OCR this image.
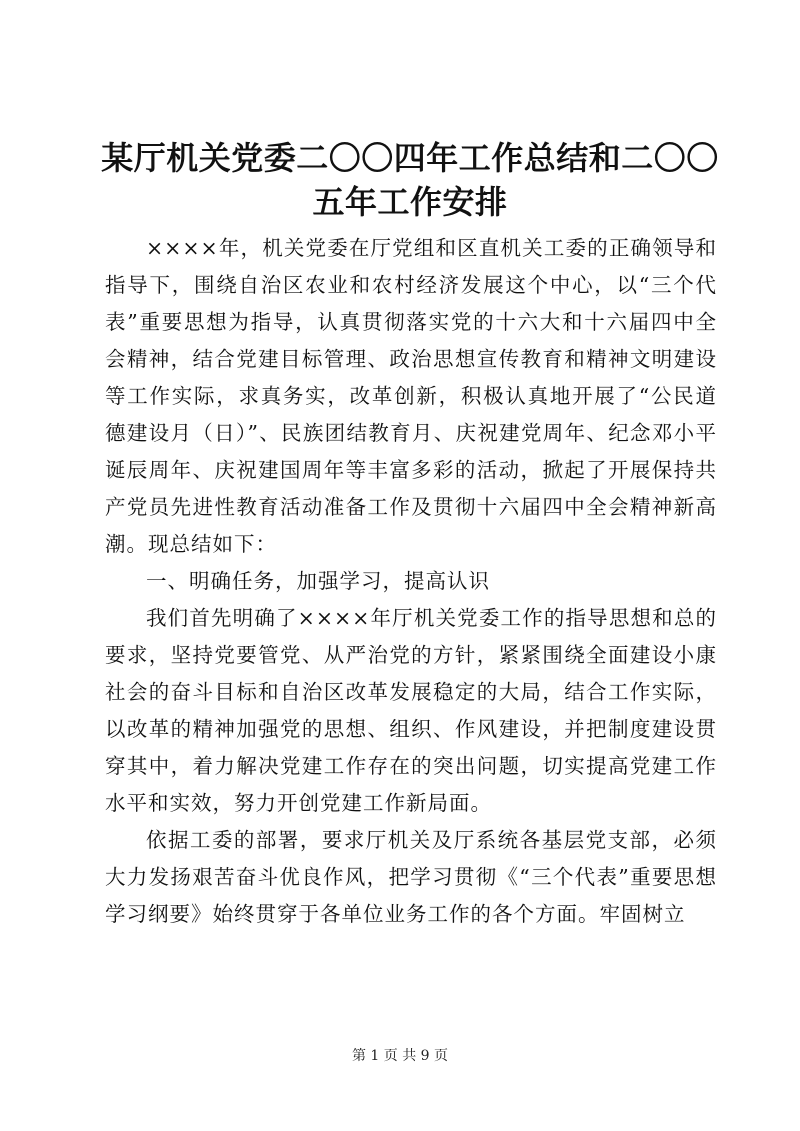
某厅机关党委二〇〇四年工作总结和二〇〇五年工作安排

××××年，机关党委在厅党组和区直机关工委的正确领导和指导下，围绕自治区农业和农村经济发展这个中心，以“三个代表”重要思想为指导，认真贯彻落实党的十六大和十六届四中全会精神，结合党建目标管理、政治思想宣传教育和精神文明建设等工作实际，求真务实，改革创新，积极认真地开展了“公民道德建设月（日）”、民族团结教育月、庆祝建党周年、纪念邓小平诞辰周年、庆祝建国周年等丰富多彩的活动，掀起了开展保持共产党员先进性教育活动准备工作及贯彻十六届四中全会精神新高潮。现总结如下：

一、明确任务，加强学习，提高认识

我们首先明确了××××年厅机关党委工作的指导思想和总的要求，坚持党要管党、从严治党的方针，紧紧围绕全面建设小康社会的奋斗目标和自治区改革发展稳定的大局，结合工作实际，以改革的精神加强党的思想、组织、作风建设，并把制度建设贯穿其中，着力解决党建工作存在的突出问题，切实提高党建工作水平和实效，努力开创党建工作新局面。

依据工委的部署，要求厅机关及厅系统各基层党支部，必须大力发扬艰苦奋斗优良作风，把学习贯彻《“三个代表”重要思想学习纲要》始终贯穿于各单位业务工作的各个方面。牢固树立

第 1 页 共 9 页
